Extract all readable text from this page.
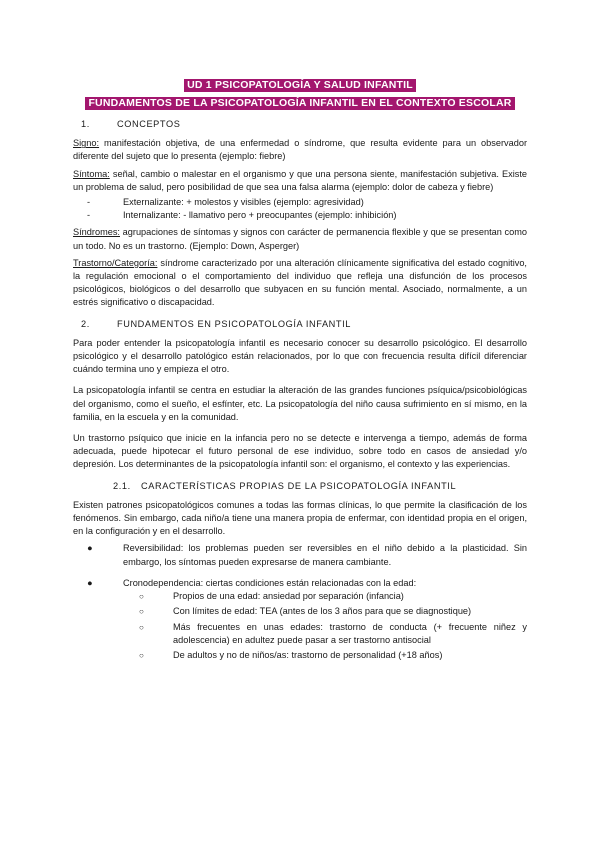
UD 1 PSICOPATOLOGÍA Y SALUD INFANTIL
FUNDAMENTOS DE LA PSICOPATOLOGÍA INFANTIL EN EL CONTEXTO ESCOLAR
1.	CONCEPTOS

Signo: manifestación objetiva, de una enfermedad o síndrome, que resulta evidente para un observador diferente del sujeto que lo presenta (ejemplo: fiebre)

Síntoma: señal, cambio o malestar en el organismo y que una persona siente, manifestación subjetiva. Existe un problema de salud, pero posibilidad de que sea una falsa alarma (ejemplo: dolor de cabeza y fiebre)

-	Externalizante: + molestos y visibles (ejemplo: agresividad)
-	Internalizante: - llamativo pero + preocupantes (ejemplo: inhibición)

Síndromes: agrupaciones de síntomas y signos con carácter de permanencia flexible y que se presentan como un todo. No es un trastorno. (Ejemplo: Down, Asperger)

Trastorno/Categoría: síndrome caracterizado por una alteración clínicamente significativa del estado cognitivo, la regulación emocional o el comportamiento del individuo que refleja una disfunción de los procesos psicológicos, biológicos o del desarrollo que subyacen en su función mental. Asociado, normalmente, a un estrés significativo o discapacidad.

2.	FUNDAMENTOS EN PSICOPATOLOGÍA INFANTIL

Para poder entender la psicopatología infantil es necesario conocer su desarrollo psicológico. El desarrollo psicológico y el desarrollo patológico están relacionados, por lo que con frecuencia resulta difícil diferenciar cuándo termina uno y empieza el otro.

La psicopatología infantil se centra en estudiar la alteración de las grandes funciones psíquica/psicobiológicas del organismo, como el sueño, el esfínter, etc. La psicopatología del niño causa sufrimiento en sí mismo, en la familia, en la escuela y en la comunidad.

Un trastorno psíquico que inicie en la infancia pero no se detecte e intervenga a tiempo, además de forma adecuada, puede hipotecar el futuro personal de ese individuo, sobre todo en casos de ansiedad y/o depresión. Los determinantes de la psicopatología infantil son: el organismo, el contexto y las experiencias.

2.1. CARACTERÍSTICAS PROPIAS DE LA PSICOPATOLOGÍA INFANTIL

Existen patrones psicopatológicos comunes a todas las formas clínicas, lo que permite la clasificación de los fenómenos. Sin embargo, cada niño/a tiene una manera propia de enfermar, con identidad propia en el origen, en la configuración y en el desarrollo.

●	Reversibilidad: los problemas pueden ser reversibles en el niño debido a la plasticidad. Sin embargo, los síntomas pueden expresarse de manera cambiante.
●	Cronodependencia: ciertas condiciones están relacionadas con la edad:
○	Propios de una edad: ansiedad por separación (infancia)
○	Con límites de edad: TEA (antes de los 3 años para que se diagnostique)
○	Más frecuentes en unas edades: trastorno de conducta (+ frecuente niñez y adolescencia) en adultez puede pasar a ser trastorno antisocial
○	De adultos y no de niños/as: trastorno de personalidad (+18 años)
